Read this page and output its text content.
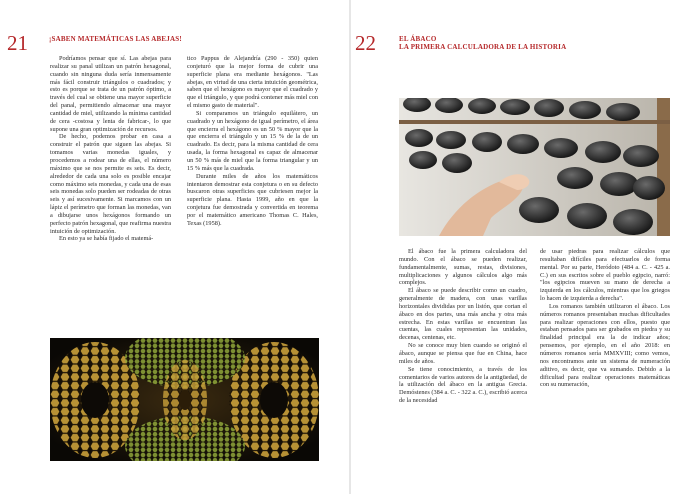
21	¡SABEN MATEMÁTICAS LAS ABEJAS!

Podríamos pensar que sí. Las abejas para realizar su panal utilizan un patrón hexagonal, cuando sin ninguna duda sería inmensamente más fácil construir triángulos o cuadrados; y esto es porque se trata de un patrón óptimo, a través del cual se obtiene una mayor superficie del panal, permitiendo almacenar una mayor cantidad de miel, utilizando la mínima cantidad de cera -costosa y lenta de fabricar-, lo que supone una gran optimización de recursos.

De hecho, podemos probar en casa a construir el patrón que siguen las abejas. Si tomamos varias monedas iguales, y procedemos a rodear una de ellas, el número máximo que se nos permite es seis. Es decir, alrededor de cada una solo es posible encajar como máximo seis monedas, y cada una de esas seis monedas solo pueden ser rodeadas de otras seis y así sucesivamente. Si marcamos con un lápiz el perímetro que forman las monedas, van a dibujarse unos hexágonos formando un perfecto patrón hexagonal, que reafirma nuestra intuición de optimización.

En esto ya se había fijado el matemá-

tico Pappus de Alejandría (290 - 350) quien conjeturó que la mejor forma de cubrir una superficie plana era mediante hexágonos. "Las abejas, en virtud de una cierta intuición geométrica, saben que el hexágono es mayor que el cuadrado y que el triángulo, y que podrá contener más miel con el mismo gasto de material".

Si comparamos un triángulo equilátero, un cuadrado y un hexágono de igual perímetro, el área que encierra el hexágono es un 50 % mayor que la que encierra el triángulo y un 15 % de la de un cuadrado. Es decir, para la misma cantidad de cera usada, la forma hexagonal es capaz de almacenar un 50 % más de miel que la forma triangular y un 15 % más que la cuadrada.

Durante miles de años los matemáticos intentaron demostrar esta conjetura o en su defecto buscaron otras superficies que cubriesen mejor la superficie plana. Hasta 1999, año en que la conjetura fue demostrada y convertida en teorema por el matemático americano Thomas C. Hales, Texas (1958).

22	EL ÁBACO
LA PRIMERA CALCULADORA DE LA HISTORIA

El ábaco fue la primera calculadora del mundo. Con el ábaco se pueden realizar, fundamentalmente, sumas, restas, divisiones, multiplicaciones y algunos cálculos algo más complejos.

El ábaco se puede describir como un cuadro, generalmente de madera, con unas varillas horizontales divididas por un listón, que cortan el ábaco en dos partes, una más ancha y otra más estrecha. En estas varillas se encuentran las cuentas, las cuales representan las unidades, decenas, centenas, etc.

No se conoce muy bien cuando se originó el ábaco, aunque se piensa que fue en China, hace miles de años.

Se tiene conocimiento, a través de los comentarios de varios autores de la antigüedad, de la utilización del ábaco en la antigua Grecia. Demóstenes (384 a. C. - 322 a. C.), escribió acerca de la necesidad

de usar piedras para realizar cálculos que resultaban difíciles para efectuarlos de forma mental. Por su parte, Heródoto (484 a. C. - 425 a. C.) en sus escritos sobre el pueblo egipcio, narró: "los egipcios mueven su mano de derecha a izquierda en los cálculos, mientras que los griegos lo hacen de izquierda a derecha".

Los romanos también utilizaron el ábaco. Los números romanos presentaban muchas dificultades para realizar operaciones con ellos, puesto que estaban pensados para ser grabados en piedra y su finalidad principal era la de indicar años; pensemos, por ejemplo, en el año 2018: en números romanos sería MMXVIII; como vemos, nos encontramos ante un sistema de numeración aditivo, es decir, que va sumando. Debido a la dificultad para realizar operaciones matemáticas con su numeración,
